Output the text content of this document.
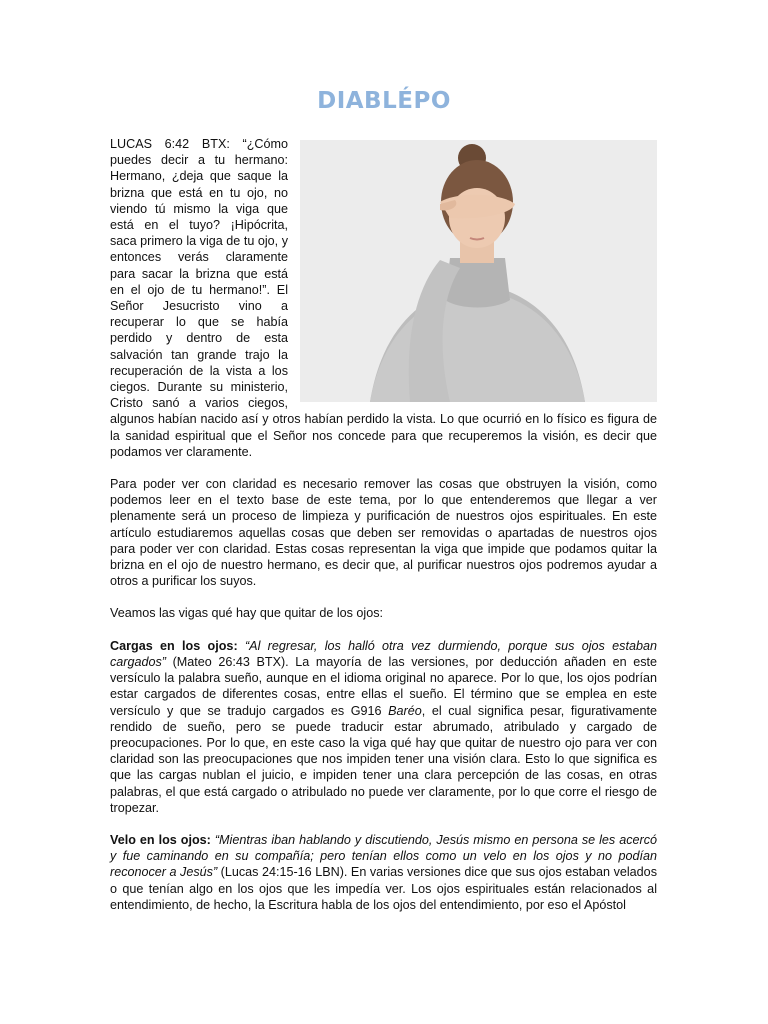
DIABLÉPO

LUCAS 6:42 BTX: “¿Cómo puedes decir a tu hermano: Hermano, ¿deja que saque la brizna que está en tu ojo, no viendo tú mismo la viga que está en el tuyo? ¡Hipócrita, saca primero la viga de tu ojo, y entonces verás claramente para sacar la brizna que está en el ojo de tu hermano!”. El Señor Jesucristo vino a recuperar lo que se había perdido y dentro de esta salvación tan grande trajo la recuperación de la vista a los ciegos. Durante su ministerio, Cristo sanó a varios ciegos, algunos habían nacido así y otros habían perdido la vista. Lo que ocurrió en lo físico es figura de la sanidad espiritual que el Señor nos concede para que recuperemos la visión, es decir que podamos ver claramente.

Para poder ver con claridad es necesario remover las cosas que obstruyen la visión, como podemos leer en el texto base de este tema, por lo que entenderemos que llegar a ver plenamente será un proceso de limpieza y purificación de nuestros ojos espirituales. En este artículo estudiaremos aquellas cosas que deben ser removidas o apartadas de nuestros ojos para poder ver con claridad. Estas cosas representan la viga que impide que podamos quitar la brizna en el ojo de nuestro hermano, es decir que, al purificar nuestros ojos podremos ayudar a otros a purificar los suyos.

Veamos las vigas qué hay que quitar de los ojos:

Cargas en los ojos: “Al regresar, los halló otra vez durmiendo, porque sus ojos estaban cargados” (Mateo 26:43 BTX). La mayoría de las versiones, por deducción añaden en este versículo la palabra sueño, aunque en el idioma original no aparece. Por lo que, los ojos podrían estar cargados de diferentes cosas, entre ellas el sueño. El término que se emplea en este versículo y que se tradujo cargados es G916 Baréo, el cual significa pesar, figurativamente rendido de sueño, pero se puede traducir estar abrumado, atribulado y cargado de preocupaciones. Por lo que, en este caso la viga qué hay que quitar de nuestro ojo para ver con claridad son las preocupaciones que nos impiden tener una visión clara. Esto lo que significa es que las cargas nublan el juicio, e impiden tener una clara percepción de las cosas, en otras palabras, el que está cargado o atribulado no puede ver claramente, por lo que corre el riesgo de tropezar.

Velo en los ojos: “Mientras iban hablando y discutiendo, Jesús mismo en persona se les acercó y fue caminando en su compañía; pero tenían ellos como un velo en los ojos y no podían reconocer a Jesús” (Lucas 24:15-16 LBN). En varias versiones dice que sus ojos estaban velados o que tenían algo en los ojos que les impedía ver. Los ojos espirituales están relacionados al entendimiento, de hecho, la Escritura habla de los ojos del entendimiento, por eso el Apóstol
